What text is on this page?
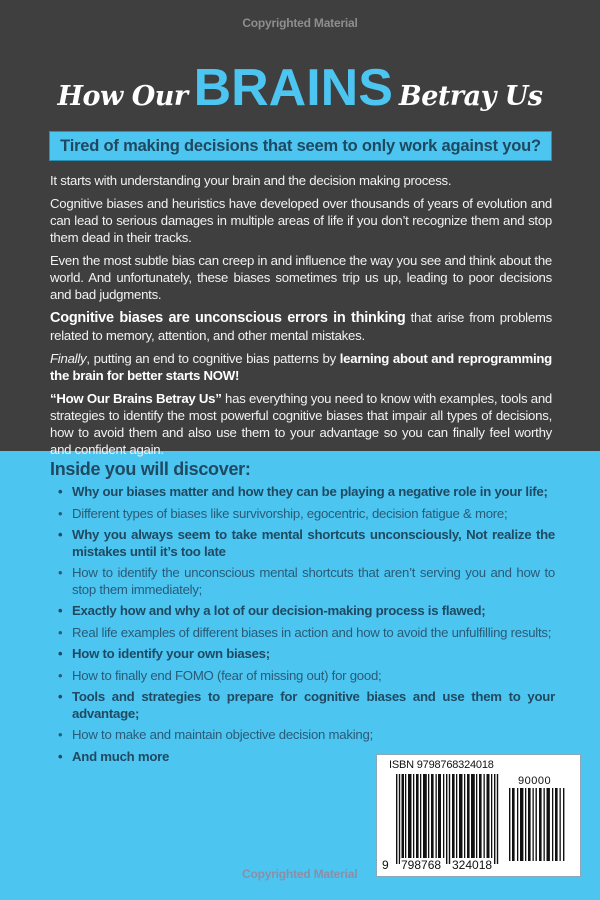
Copyrighted Material
How Our BRAINS Betray Us
Tired of making decisions that seem to only work against you?

It starts with understanding your brain and the decision making process.

Cognitive biases and heuristics have developed over thousands of years of evolution and can lead to serious damages in multiple areas of life if you don’t recognize them and stop them dead in their tracks.

Even the most subtle bias can creep in and influence the way you see and think about the world. And unfortunately, these biases sometimes trip us up, leading to poor decisions and bad judgments.

Cognitive biases are unconscious errors in thinking that arise from problems related to memory, attention, and other mental mistakes.

Finally, putting an end to cognitive bias patterns by learning about and reprogramming the brain for better starts NOW!

“How Our Brains Betray Us” has everything you need to know with examples, tools and strategies to identify the most powerful cognitive biases that impair all types of decisions, how to avoid them and also use them to your advantage so you can finally feel worthy and confident again.

Inside you will discover:
• Why our biases matter and how they can be playing a negative role in your life;
• Different types of biases like survivorship, egocentric, decision fatigue & more;
• Why you always seem to take mental shortcuts unconsciously, Not realize the mistakes until it’s too late
• How to identify the unconscious mental shortcuts that aren’t serving you and how to stop them immediately;
• Exactly how and why a lot of our decision-making process is flawed;
• Real life examples of different biases in action and how to avoid the unfulfilling results;
• How to identify your own biases;
• How to finally end FOMO (fear of missing out) for good;
• Tools and strategies to prepare for cognitive biases and use them to your advantage;
• How to make and maintain objective decision making;
• And much more
Copyrighted Material
ISBN 9798768324018
90000
9 798768 324018
